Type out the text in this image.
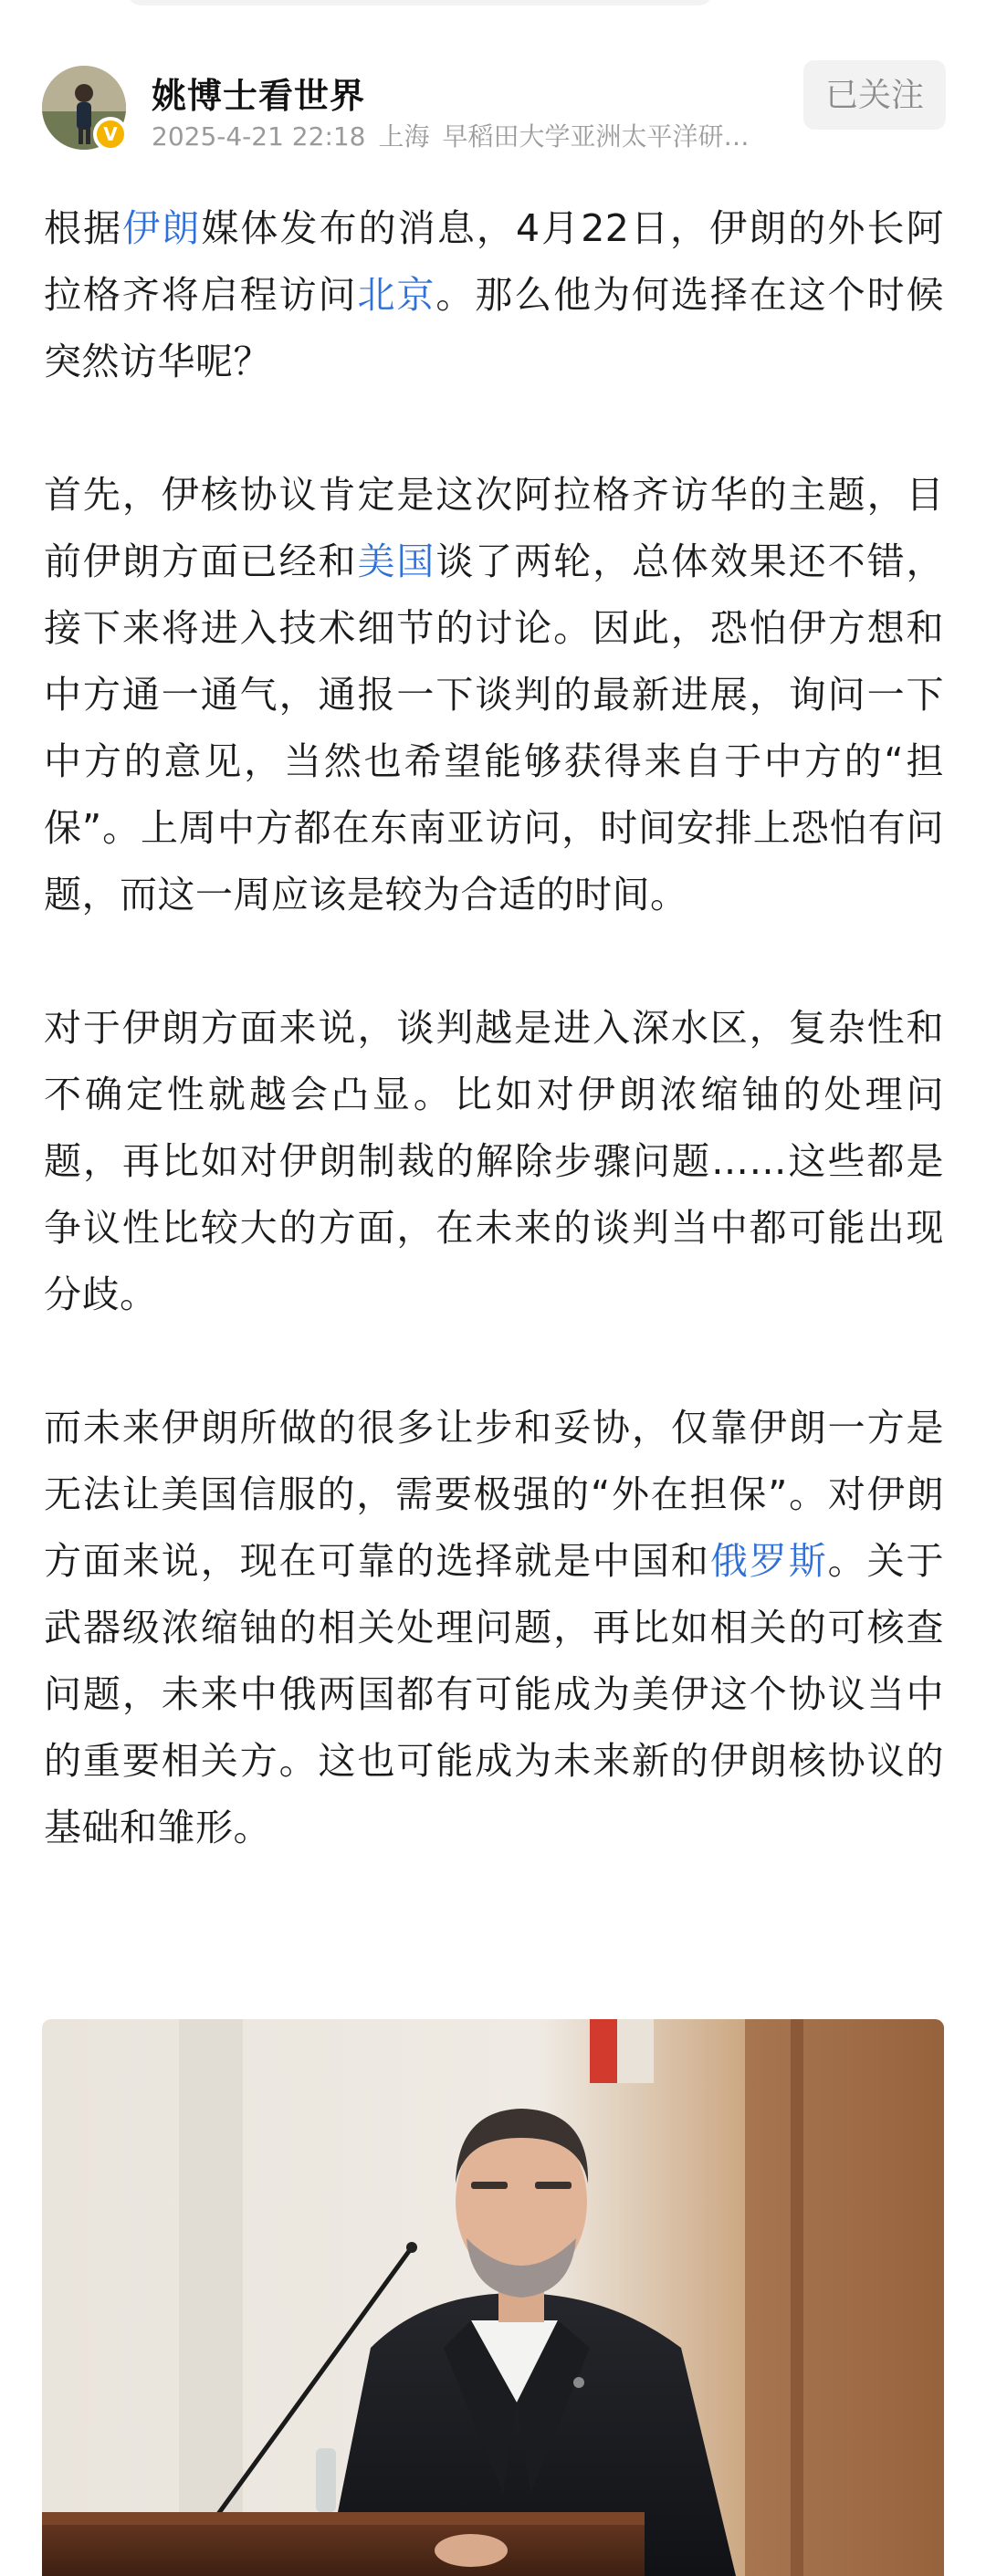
V
姚博士看世界
2025-4-21 22:18 上海 早稻田大学亚洲太平洋研…
已关注

根据伊朗媒体发布的消息，4月22日，伊朗的外长阿拉格齐将启程访问北京。那么他为何选择在这个时候突然访华呢？

首先，伊核协议肯定是这次阿拉格齐访华的主题，目前伊朗方面已经和美国谈了两轮，总体效果还不错，接下来将进入技术细节的讨论。因此，恐怕伊方想和中方通一通气，通报一下谈判的最新进展，询问一下中方的意见，当然也希望能够获得来自于中方的“担保”。上周中方都在东南亚访问，时间安排上恐怕有问题，而这一周应该是较为合适的时间。

对于伊朗方面来说，谈判越是进入深水区，复杂性和不确定性就越会凸显。比如对伊朗浓缩铀的处理问题，再比如对伊朗制裁的解除步骤问题……这些都是争议性比较大的方面，在未来的谈判当中都可能出现分歧。

而未来伊朗所做的很多让步和妥协，仅靠伊朗一方是无法让美国信服的，需要极强的“外在担保”。对伊朗方面来说，现在可靠的选择就是中国和俄罗斯。关于武器级浓缩铀的相关处理问题，再比如相关的可核查问题，未来中俄两国都有可能成为美伊这个协议当中的重要相关方。这也可能成为未来新的伊朗核协议的基础和雏形。
